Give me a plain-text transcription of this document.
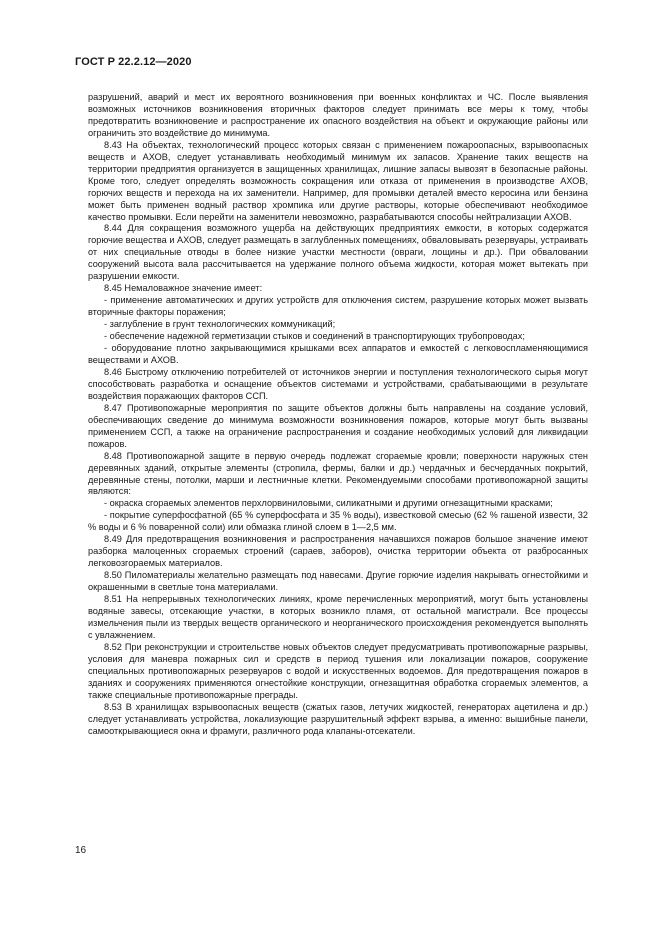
ГОСТ Р 22.2.12—2020

разрушений, аварий и мест их вероятного возникновения при военных конфликтах и ЧС. После выявления возможных источников возникновения вторичных факторов следует принимать все меры к тому, чтобы предотвратить возникновение и распространение их опасного воздействия на объект и окружающие районы или ограничить это воздействие до минимума.

8.43 На объектах, технологический процесс которых связан с применением пожароопасных, взрывоопасных веществ и АХОВ, следует устанавливать необходимый минимум их запасов. Хранение таких веществ на территории предприятия организуется в защищенных хранилищах, лишние запасы вывозят в безопасные районы. Кроме того, следует определять возможность сокращения или отказа от применения в производстве АХОВ, горючих веществ и перехода на их заменители. Например, для промывки деталей вместо керосина или бензина может быть применен водный раствор хромпика или другие растворы, которые обеспечивают необходимое качество промывки. Если перейти на заменители невозможно, разрабатываются способы нейтрализации АХОВ.

8.44 Для сокращения возможного ущерба на действующих предприятиях емкости, в которых содержатся горючие вещества и АХОВ, следует размещать в заглубленных помещениях, обваловывать резервуары, устраивать от них специальные отводы в более низкие участки местности (овраги, лощины и др.). При обваловании сооружений высота вала рассчитывается на удержание полного объема жидкости, которая может вытекать при разрушении емкости.

8.45 Немаловажное значение имеет:

- применение автоматических и других устройств для отключения систем, разрушение которых может вызвать вторичные факторы поражения;

- заглубление в грунт технологических коммуникаций;

- обеспечение надежной герметизации стыков и соединений в транспортирующих трубопроводах;

- оборудование плотно закрывающимися крышками всех аппаратов и емкостей с легковоспламеняющимися веществами и АХОВ.

8.46 Быстрому отключению потребителей от источников энергии и поступления технологического сырья могут способствовать разработка и оснащение объектов системами и устройствами, срабатывающими в результате воздействия поражающих факторов ССП.

8.47 Противопожарные мероприятия по защите объектов должны быть направлены на создание условий, обеспечивающих сведение до минимума возможности возникновения пожаров, которые могут быть вызваны применением ССП, а также на ограничение распространения и создание необходимых условий для ликвидации пожаров.

8.48 Противопожарной защите в первую очередь подлежат сгораемые кровли; поверхности наружных стен деревянных зданий, открытые элементы (стропила, фермы, балки и др.) чердачных и бесчердачных покрытий, деревянные стены, потолки, марши и лестничные клетки. Рекомендуемыми способами противопожарной защиты являются:

- окраска сгораемых элементов перхлорвиниловыми, силикатными и другими огнезащитными красками;

- покрытие суперфосфатной (65 % суперфосфата и 35 % воды), известковой смесью (62 % гашеной извести, 32 % воды и 6 % поваренной соли) или обмазка глиной слоем в 1—2,5 мм.

8.49 Для предотвращения возникновения и распространения начавшихся пожаров большое значение имеют разборка малоценных сгораемых строений (сараев, заборов), очистка территории объекта от разбросанных легковозгораемых материалов.

8.50 Пиломатериалы желательно размещать под навесами. Другие горючие изделия накрывать огнестойкими и окрашенными в светлые тона материалами.

8.51 На непрерывных технологических линиях, кроме перечисленных мероприятий, могут быть установлены водяные завесы, отсекающие участки, в которых возникло пламя, от остальной магистрали. Все процессы измельчения пыли из твердых веществ органического и неорганического происхождения рекомендуется выполнять с увлажнением.

8.52 При реконструкции и строительстве новых объектов следует предусматривать противопожарные разрывы, условия для маневра пожарных сил и средств в период тушения или локализации пожаров, сооружение специальных противопожарных резервуаров с водой и искусственных водоемов. Для предотвращения пожаров в зданиях и сооружениях применяются огнестойкие конструкции, огнезащитная обработка сгораемых элементов, а также специальные противопожарные преграды.

8.53 В хранилищах взрывоопасных веществ (сжатых газов, летучих жидкостей, генераторах ацетилена и др.) следует устанавливать устройства, локализующие разрушительный эффект взрыва, а именно: вышибные панели, самооткрывающиеся окна и фрамуги, различного рода клапаны-отсекатели.

16
